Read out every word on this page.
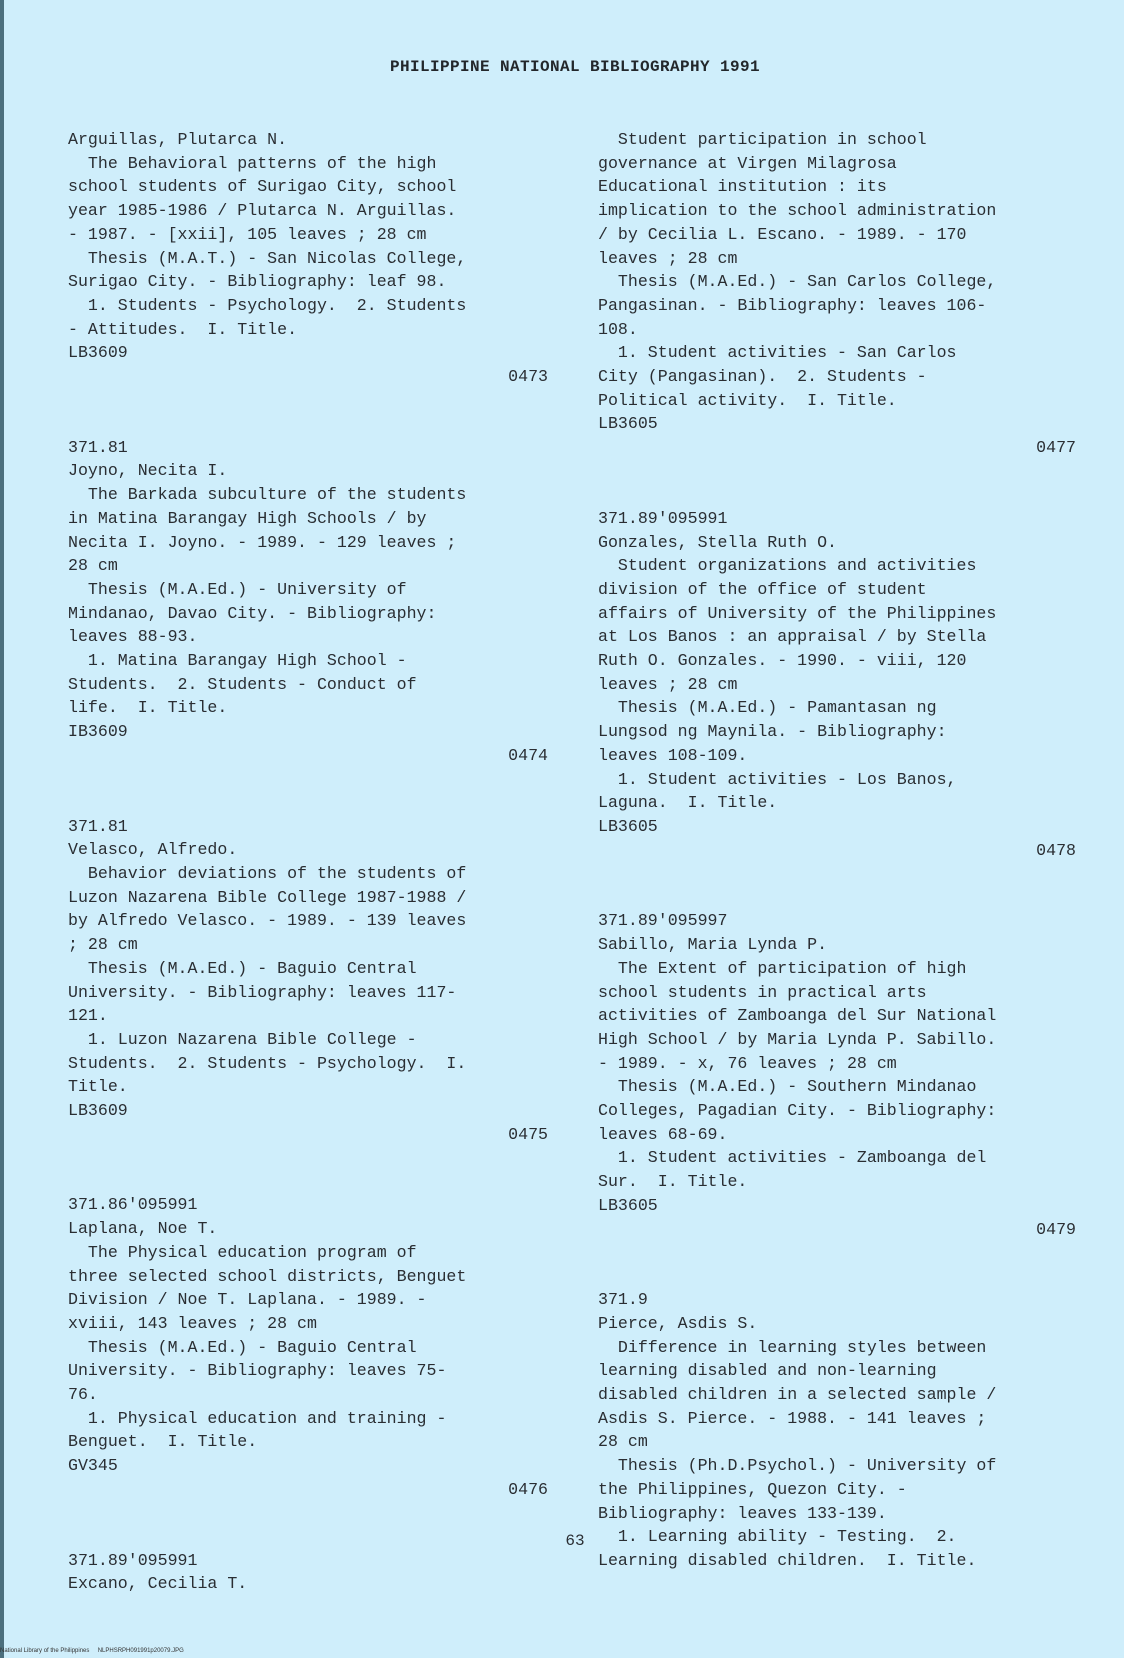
PHILIPPINE NATIONAL BIBLIOGRAPHY 1991
Arguillas, Plutarca N.
The Behavioral patterns of the high
school students of Surigao City, school
year 1985-1986 / Plutarca N. Arguillas.
- 1987. - [xxii], 105 leaves ; 28 cm
Thesis (M.A.T.) - San Nicolas College,
Surigao City. - Bibliography: leaf 98.
1. Students - Psychology.  2. Students
- Attitudes.  I. Title.
LB3609
0473
371.81
Joyno, Necita I.
The Barkada subculture of the students
in Matina Barangay High Schools / by
Necita I. Joyno. - 1989. - 129 leaves ;
28 cm
Thesis (M.A.Ed.) - University of
Mindanao, Davao City. - Bibliography:
leaves 88-93.
1. Matina Barangay High School -
Students.  2. Students - Conduct of
life.  I. Title.
IB3609
0474
371.81
Velasco, Alfredo.
Behavior deviations of the students of
Luzon Nazarena Bible College 1987-1988 /
by Alfredo Velasco. - 1989. - 139 leaves
; 28 cm
Thesis (M.A.Ed.) - Baguio Central
University. - Bibliography: leaves 117-
121.
1. Luzon Nazarena Bible College -
Students.  2. Students - Psychology.  I.
Title.
LB3609
0475
371.86'095991
Laplana, Noe T.
The Physical education program of
three selected school districts, Benguet
Division / Noe T. Laplana. - 1989. -
xviii, 143 leaves ; 28 cm
Thesis (M.A.Ed.) - Baguio Central
University. - Bibliography: leaves 75-
76.
1. Physical education and training -
Benguet.  I. Title.
GV345
0476
371.89'095991
Excano, Cecilia T.
Student participation in school
governance at Virgen Milagrosa
Educational institution : its
implication to the school administration
/ by Cecilia L. Escano. - 1989. - 170
leaves ; 28 cm
Thesis (M.A.Ed.) - San Carlos College,
Pangasinan. - Bibliography: leaves 106-
108.
1. Student activities - San Carlos
City (Pangasinan).  2. Students -
Political activity.  I. Title.
LB3605
0477
371.89'095991
Gonzales, Stella Ruth O.
Student organizations and activities
division of the office of student
affairs of University of the Philippines
at Los Banos : an appraisal / by Stella
Ruth O. Gonzales. - 1990. - viii, 120
leaves ; 28 cm
Thesis (M.A.Ed.) - Pamantasan ng
Lungsod ng Maynila. - Bibliography:
leaves 108-109.
1. Student activities - Los Banos,
Laguna.  I. Title.
LB3605
0478
371.89'095997
Sabillo, Maria Lynda P.
The Extent of participation of high
school students in practical arts
activities of Zamboanga del Sur National
High School / by Maria Lynda P. Sabillo.
- 1989. - x, 76 leaves ; 28 cm
Thesis (M.A.Ed.) - Southern Mindanao
Colleges, Pagadian City. - Bibliography:
leaves 68-69.
1. Student activities - Zamboanga del
Sur.  I. Title.
LB3605
0479
371.9
Pierce, Asdis S.
Difference in learning styles between
learning disabled and non-learning
disabled children in a selected sample /
Asdis S. Pierce. - 1988. - 141 leaves ;
28 cm
Thesis (Ph.D.Psychol.) - University of
the Philippines, Quezon City. -
Bibliography: leaves 133-139.
1. Learning ability - Testing.  2.
Learning disabled children.  I. Title.
63
National Library of the Philippines     NLPHSRPH091991p20079.JPG
